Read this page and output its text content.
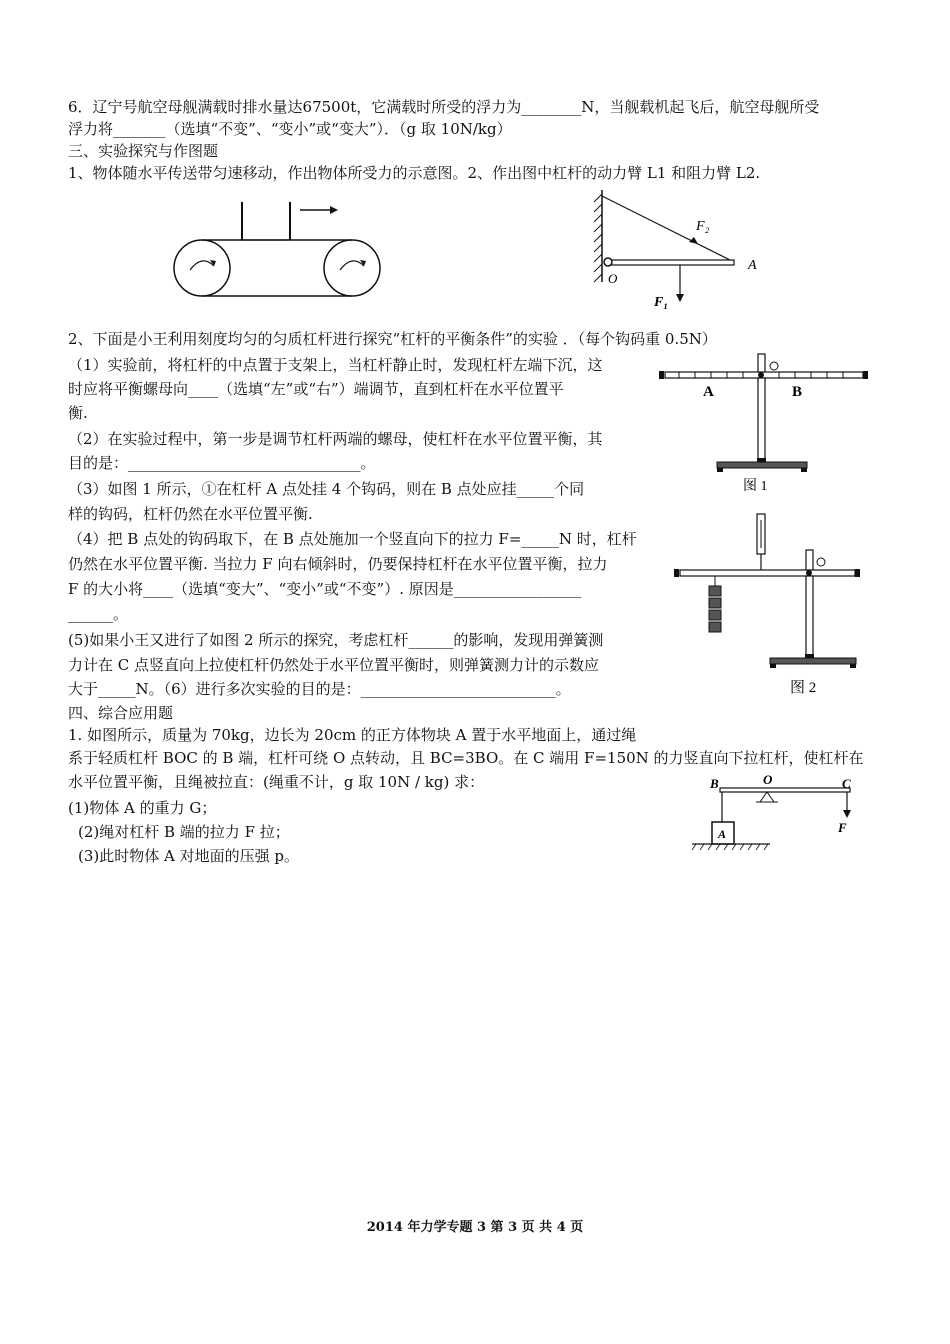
6．辽宁号航空母舰满载时排水量达67500t，它满载时所受的浮力为________N，当舰载机起飞后，航空母舰所受
浮力将_______（选填“不变”、“变小”或“变大”）．（g 取 10N/kg）
三、实验探究与作图题
1、物体随水平传送带匀速移动，作出物体所受力的示意图。2、作出图中杠杆的动力臂 L1 和阻力臂 L2.
F₂
A
O
F₁
2、下面是小王利用刻度均匀的匀质杠杆进行探究“杠杆的平衡条件”的实验 ．（每个钩码重 0.5N）
（1）实验前，将杠杆的中点置于支架上，当杠杆静止时，发现杠杆左端下沉，这
时应将平衡螺母向____（选填“左”或“右”）端调节，直到杠杆在水平位置平
衡.
（2）在实验过程中，第一步是调节杠杆两端的螺母，使杠杆在水平位置平衡，其
目的是：_______________________________。
（3）如图 1 所示，①在杠杆 A 点处挂 4 个钩码，则在 B 点处应挂_____个同
样的钩码，杠杆仍然在水平位置平衡.
（4）把 B 点处的钩码取下，在 B 点处施加一个竖直向下的拉力 F=_____N 时，杠杆
仍然在水平位置平衡. 当拉力 F 向右倾斜时，仍要保持杠杆在水平位置平衡，拉力
F 的大小将____（选填“变大”、“变小”或“不变”）. 原因是_________________
______。
(5)如果小王又进行了如图 2 所示的探究，考虑杠杆______的影响，发现用弹簧测
力计在 C 点竖直向上拉使杠杆仍然处于水平位置平衡时，则弹簧测力计的示数应
大于_____N。（6）进行多次实验的目的是：__________________________。
A	B
图 1
图 2
四、综合应用题
1. 如图所示，质量为 70kg，边长为 20cm 的正方体物块 A 置于水平地面上，通过绳
系于轻质杠杆 BOC 的 B 端，杠杆可绕 O 点转动，且 BC=3BO。在 C 端用 F=150N 的力竖直向下拉杠杆，使杠杆在
水平位置平衡，且绳被拉直：(绳重不计，g 取 10N / kg) 求：
(1)物体 A 的重力 G；
(2)绳对杠杆 B 端的拉力 F 拉；
(3)此时物体 A 对地面的压强 p。
B	O	C
F
A
2014 年力学专题 3 第 3 页 共 4 页
